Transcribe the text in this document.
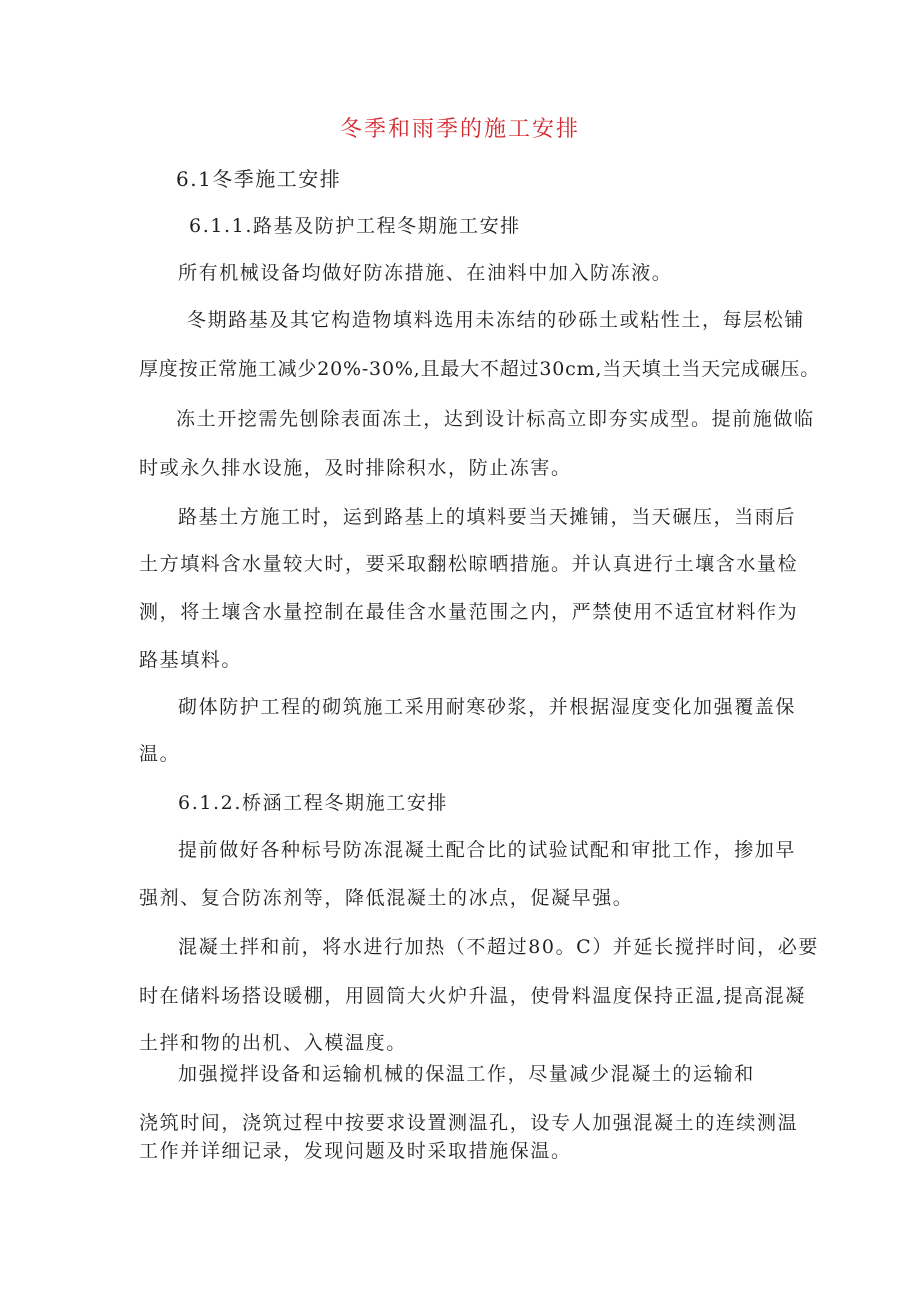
冬季和雨季的施工安排
6.1冬季施工安排
6.1.1.路基及防护工程冬期施工安排
所有机械设备均做好防冻措施、在油料中加入防冻液。
冬期路基及其它构造物填料选用未冻结的砂砾土或粘性土，每层松铺
厚度按正常施工减少20%-30%,且最大不超过30cm,当天填土当天完成碾压。
冻土开挖需先刨除表面冻土，达到设计标高立即夯实成型。提前施做临
时或永久排水设施，及时排除积水，防止冻害。
路基土方施工时，运到路基上的填料要当天摊铺，当天碾压，当雨后
土方填料含水量较大时，要采取翻松晾晒措施。并认真进行土壤含水量检
测，将土壤含水量控制在最佳含水量范围之内，严禁使用不适宜材料作为
路基填料。
砌体防护工程的砌筑施工采用耐寒砂浆，并根据湿度变化加强覆盖保
温。
6.1.2.桥涵工程冬期施工安排
提前做好各种标号防冻混凝土配合比的试验试配和审批工作，掺加早
强剂、复合防冻剂等，降低混凝土的冰点，促凝早强。
混凝土拌和前，将水进行加热（不超过80。C）并延长搅拌时间，必要
时在储料场搭设暖棚，用圆筒大火炉升温，使骨料温度保持正温,提高混凝
土拌和物的出机、入模温度。
加强搅拌设备和运输机械的保温工作，尽量减少混凝土的运输和
浇筑时间，浇筑过程中按要求设置测温孔，设专人加强混凝土的连续测温
工作并详细记录，发现问题及时采取措施保温。
